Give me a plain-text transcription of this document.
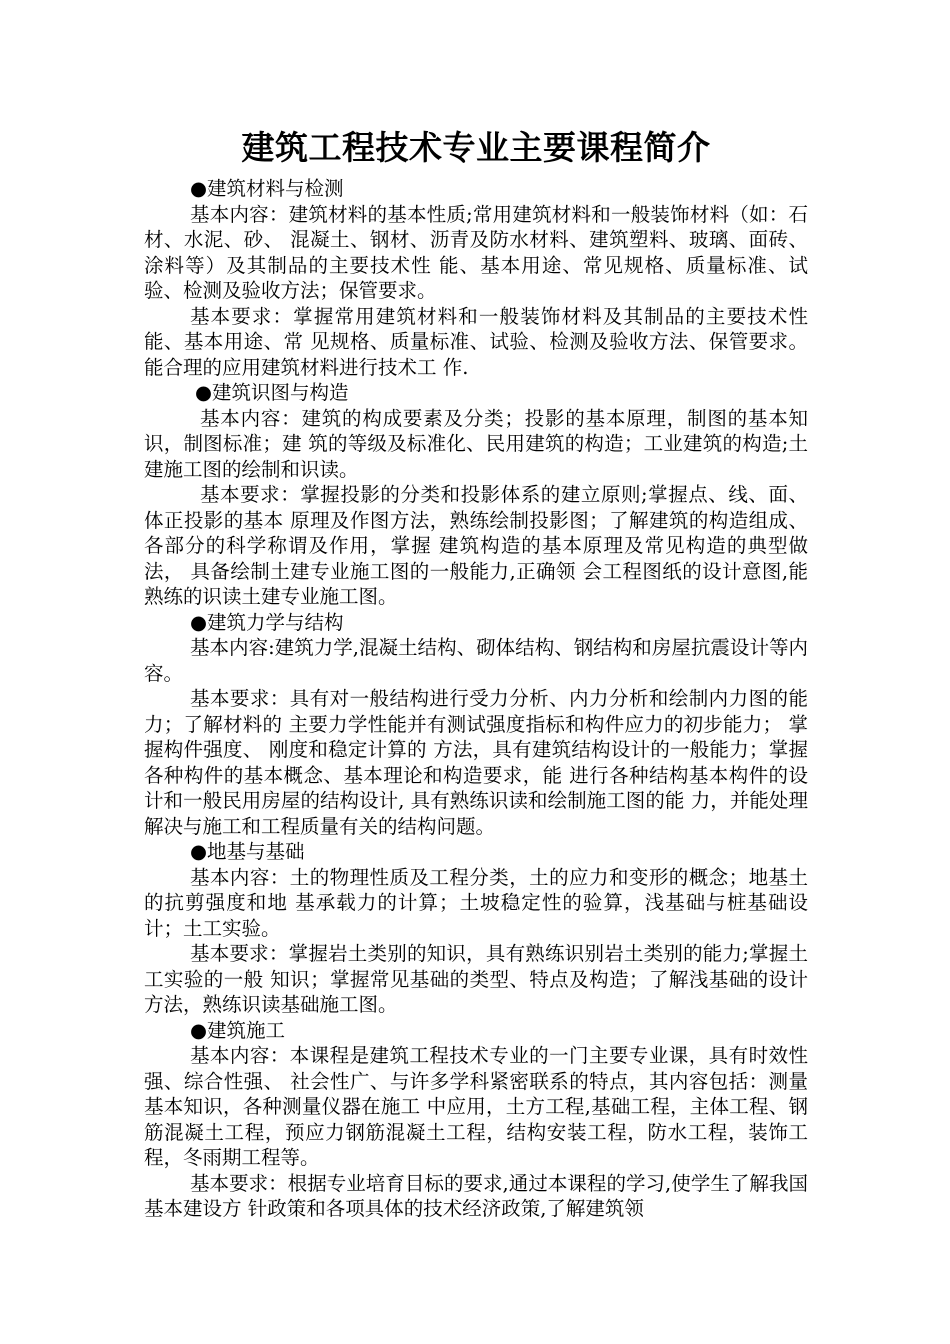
建筑工程技术专业主要课程简介

●建筑材料与检测

基本内容：建筑材料的基本性质;常用建筑材料和一般装饰材料（如：石材、水泥、砂、 混凝土、钢材、沥青及防水材料、建筑塑料、玻璃、面砖、涂料等）及其制品的主要技术性 能、基本用途、常见规格、质量标准、试验、检测及验收方法；保管要求。

基本要求：掌握常用建筑材料和一般装饰材料及其制品的主要技术性能、基本用途、常 见规格、质量标准、试验、检测及验收方法、保管要求。能合理的应用建筑材料进行技术工 作.

●建筑识图与构造

基本内容：建筑的构成要素及分类；投影的基本原理，制图的基本知识，制图标准；建 筑的等级及标准化、民用建筑的构造；工业建筑的构造;土建施工图的绘制和识读。

基本要求：掌握投影的分类和投影体系的建立原则;掌握点、线、面、体正投影的基本 原理及作图方法，熟练绘制投影图；了解建筑的构造组成、各部分的科学称谓及作用，掌握 建筑构造的基本原理及常见构造的典型做法， 具备绘制土建专业施工图的一般能力,正确领 会工程图纸的设计意图,能熟练的识读土建专业施工图。

●建筑力学与结构

基本内容:建筑力学,混凝土结构、砌体结构、钢结构和房屋抗震设计等内容。

基本要求：具有对一般结构进行受力分析、内力分析和绘制内力图的能力；了解材料的 主要力学性能并有测试强度指标和构件应力的初步能力； 掌握构件强度、 刚度和稳定计算的 方法，具有建筑结构设计的一般能力；掌握各种构件的基本概念、基本理论和构造要求，能 进行各种结构基本构件的设计和一般民用房屋的结构设计, 具有熟练识读和绘制施工图的能 力，并能处理解决与施工和工程质量有关的结构问题。

●地基与基础

基本内容：土的物理性质及工程分类，土的应力和变形的概念；地基土的抗剪强度和地 基承载力的计算；土坡稳定性的验算，浅基础与桩基础设计；土工实验。

基本要求：掌握岩土类别的知识，具有熟练识别岩土类别的能力;掌握土工实验的一般 知识；掌握常见基础的类型、特点及构造；了解浅基础的设计方法，熟练识读基础施工图。

●建筑施工

基本内容：本课程是建筑工程技术专业的一门主要专业课，具有时效性强、综合性强、 社会性广、与许多学科紧密联系的特点，其内容包括：测量基本知识，各种测量仪器在施工 中应用，土方工程,基础工程，主体工程、钢筋混凝土工程，预应力钢筋混凝土工程，结构安装工程，防水工程，装饰工程，冬雨期工程等。

基本要求：根据专业培育目标的要求,通过本课程的学习,使学生了解我国基本建设方 针政策和各项具体的技术经济政策,了解建筑领
